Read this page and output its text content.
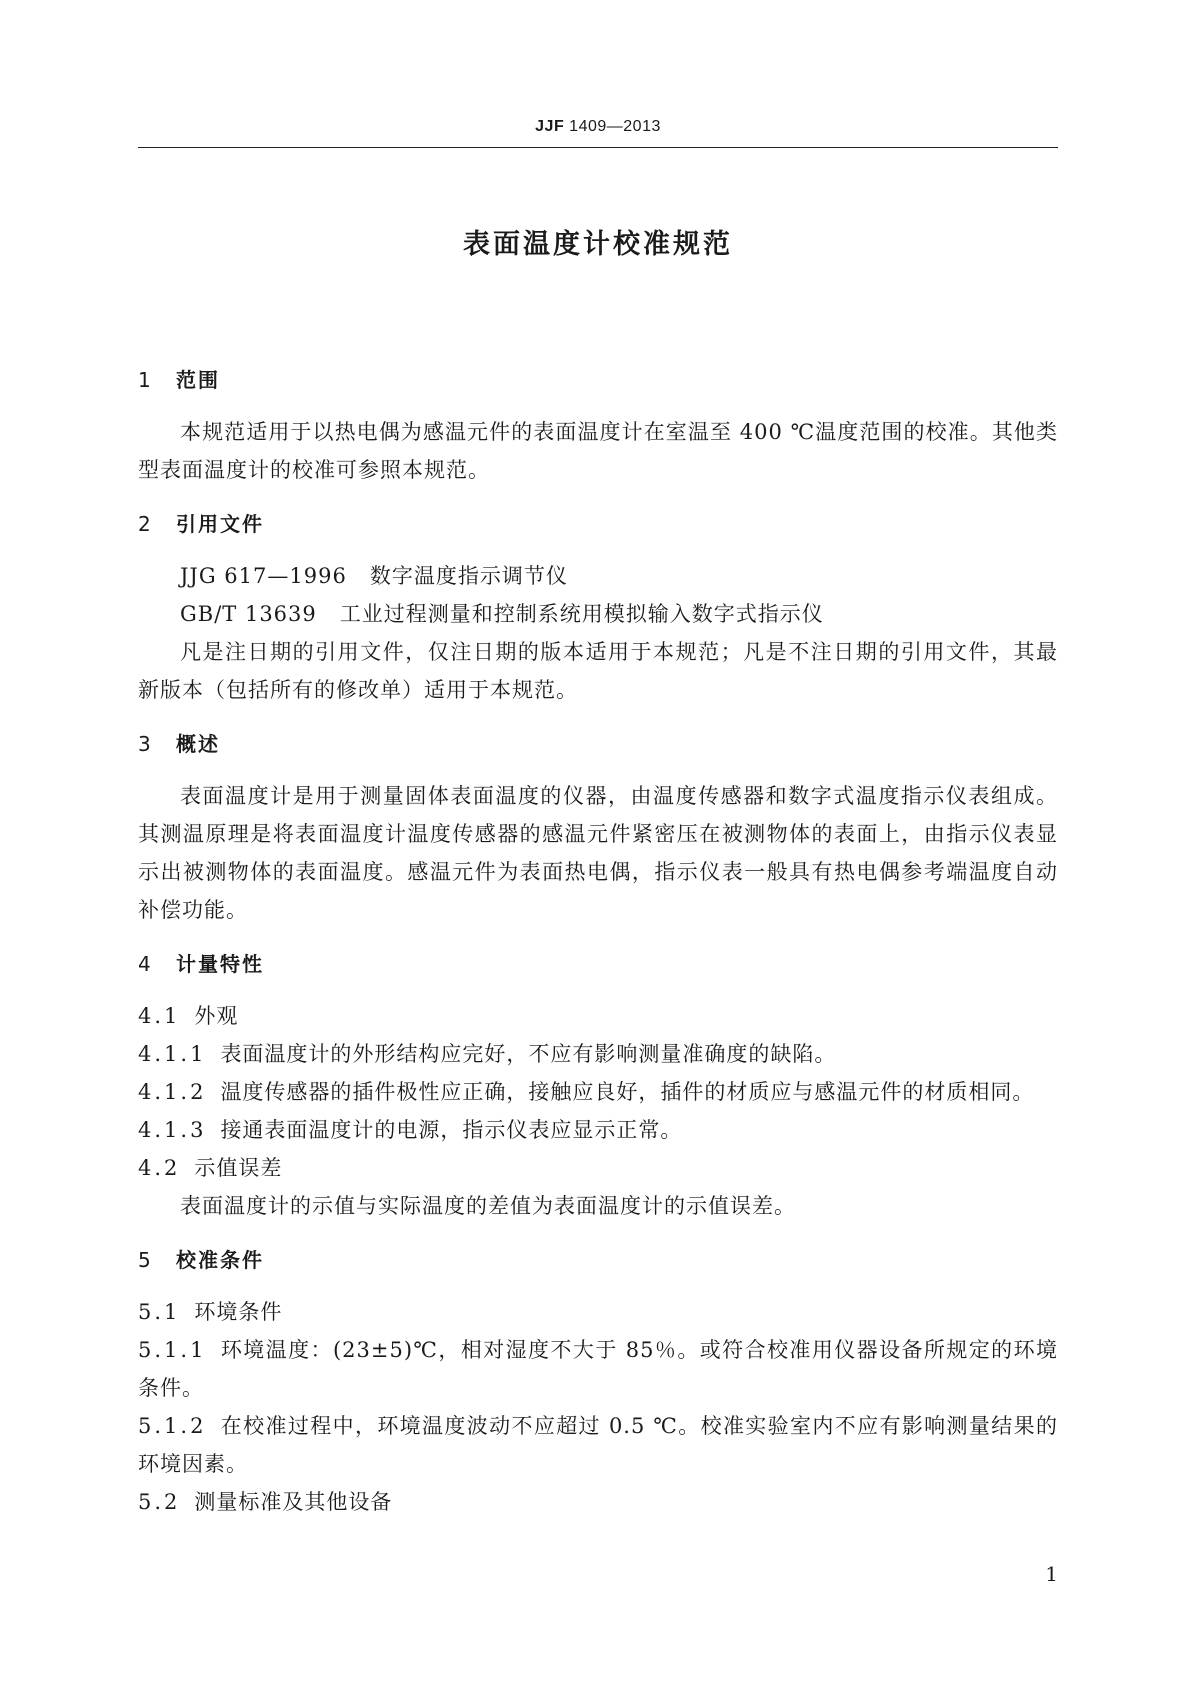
JJF 1409—2013
表面温度计校准规范
1 范围

本规范适用于以热电偶为感温元件的表面温度计在室温至 400 ℃温度范围的校准。其他类型表面温度计的校准可参照本规范。

2 引用文件

JJG 617—1996 数字温度指示调节仪

GB/T 13639 工业过程测量和控制系统用模拟输入数字式指示仪

凡是注日期的引用文件，仅注日期的版本适用于本规范；凡是不注日期的引用文件，其最新版本（包括所有的修改单）适用于本规范。

3 概述

表面温度计是用于测量固体表面温度的仪器，由温度传感器和数字式温度指示仪表组成。其测温原理是将表面温度计温度传感器的感温元件紧密压在被测物体的表面上，由指示仪表显示出被测物体的表面温度。感温元件为表面热电偶，指示仪表一般具有热电偶参考端温度自动补偿功能。

4 计量特性

4.1 外观

4.1.1 表面温度计的外形结构应完好，不应有影响测量准确度的缺陷。

4.1.2 温度传感器的插件极性应正确，接触应良好，插件的材质应与感温元件的材质相同。

4.1.3 接通表面温度计的电源，指示仪表应显示正常。

4.2 示值误差

表面温度计的示值与实际温度的差值为表面温度计的示值误差。

5 校准条件

5.1 环境条件

5.1.1 环境温度：(23±5)℃，相对湿度不大于 85％。或符合校准用仪器设备所规定的环境条件。

5.1.2 在校准过程中，环境温度波动不应超过 0.5 ℃。校准实验室内不应有影响测量结果的环境因素。

5.2 测量标准及其他设备

1
